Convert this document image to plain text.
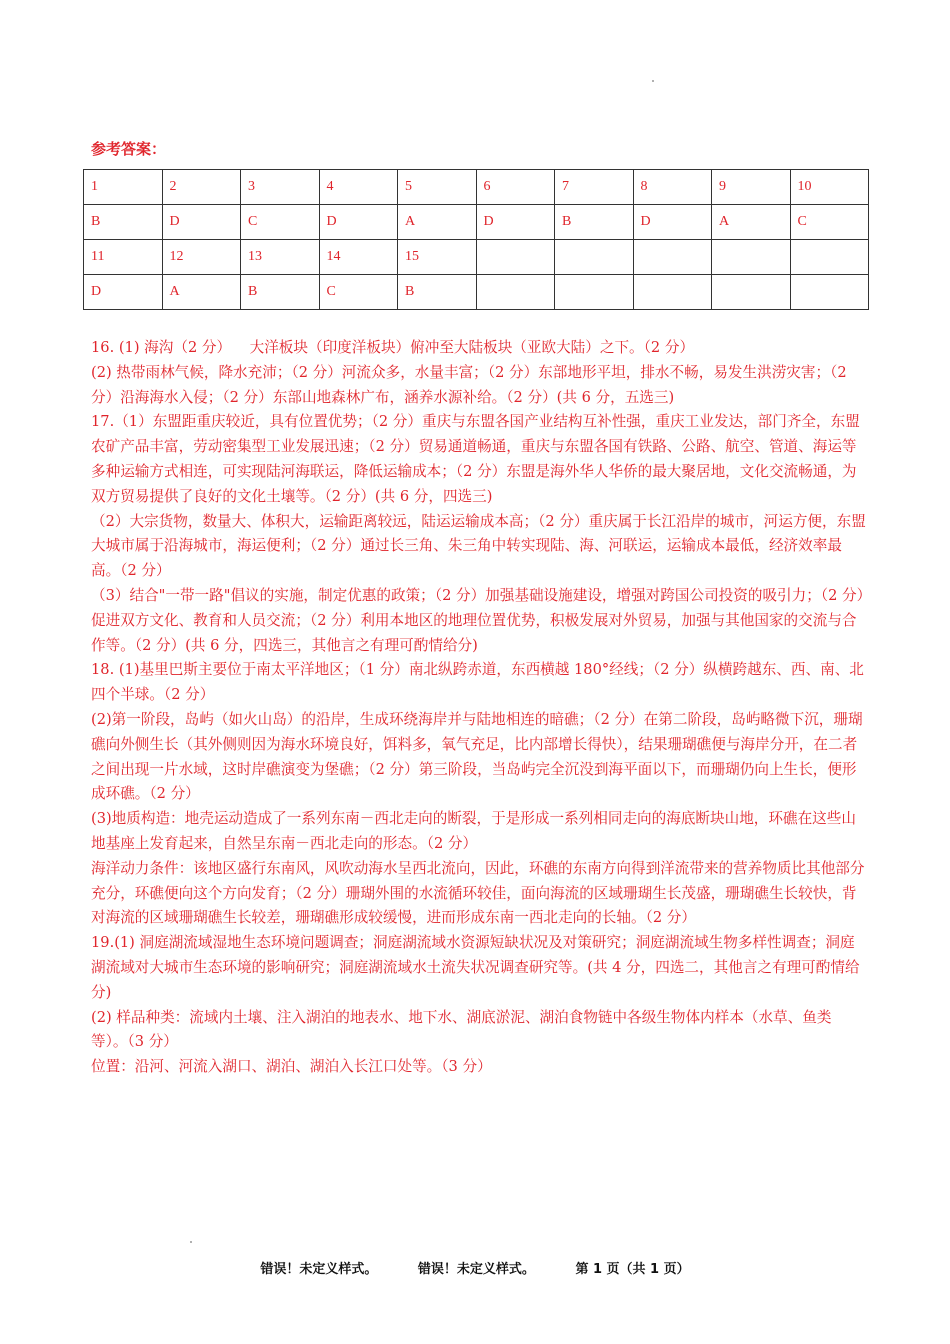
参考答案：
1	2	3	4	5	6	7	8	9	10
B	D	C	D	A	D	B	D	A	C
11	12	13	14	15					
D	A	B	C	B					

16. (1) 海沟（2 分）    大洋板块（印度洋板块）俯冲至大陆板块（亚欧大陆）之下。（2 分）

(2) 热带雨林气候，降水充沛；（2 分）河流众多，水量丰富；（2 分）东部地形平坦，排水不畅，易发生洪涝灾害；（2 分）沿海海水入侵；（2 分）东部山地森林广布，涵养水源补给。（2 分）(共 6 分，五选三)

17.（1）东盟距重庆较近，具有位置优势；（2 分）重庆与东盟各国产业结构互补性强，重庆工业发达，部门齐全，东盟农矿产品丰富，劳动密集型工业发展迅速；（2 分）贸易通道畅通，重庆与东盟各国有铁路、公路、航空、管道、海运等多种运输方式相连，可实现陆河海联运，降低运输成本；（2 分）东盟是海外华人华侨的最大聚居地，文化交流畅通，为双方贸易提供了良好的文化土壤等。（2 分）(共 6 分，四选三)

（2）大宗货物，数量大、体积大，运输距离较远，陆运运输成本高；（2 分）重庆属于长江沿岸的城市，河运方便，东盟大城市属于沿海城市，海运便利；（2 分）通过长三角、朱三角中转实现陆、海、河联运，运输成本最低，经济效率最高。（2 分）

（3）结合"一带一路"倡议的实施，制定优惠的政策；（2 分）加强基础设施建设，增强对跨国公司投资的吸引力；（2 分）促进双方文化、教育和人员交流；（2 分）利用本地区的地理位置优势，积极发展对外贸易，加强与其他国家的交流与合作等。（2 分）(共 6 分，四选三，其他言之有理可酌情给分)

18. (1)基里巴斯主要位于南太平洋地区；（1 分）南北纵跨赤道，东西横越 180°经线；（2 分）纵横跨越东、西、南、北四个半球。（2 分）

(2)第一阶段，岛屿（如火山岛）的沿岸，生成环绕海岸并与陆地相连的暗礁；（2 分）在第二阶段，岛屿略微下沉，珊瑚礁向外侧生长（其外侧则因为海水环境良好，饵料多，氧气充足，比内部增长得快），结果珊瑚礁便与海岸分开，在二者之间出现一片水域，这时岸礁演变为堡礁；（2 分）第三阶段，当岛屿完全沉没到海平面以下，而珊瑚仍向上生长，便形成环礁。（2 分）

(3)地质构造：地壳运动造成了一系列东南－西北走向的断裂，于是形成一系列相同走向的海底断块山地，环礁在这些山地基座上发育起来，自然呈东南－西北走向的形态。（2 分）

海洋动力条件：该地区盛行东南风，风吹动海水呈西北流向，因此，环礁的东南方向得到洋流带来的营养物质比其他部分充分，环礁便向这个方向发育；（2 分）珊瑚外围的水流循环较佳，面向海流的区域珊瑚生长茂盛，珊瑚礁生长较快，背对海流的区域珊瑚礁生长较差，珊瑚礁形成较缓慢，进而形成东南一西北走向的长轴。（2 分）

19.(1) 洞庭湖流域湿地生态环境问题调查；洞庭湖流域水资源短缺状况及对策研究；洞庭湖流域生物多样性调查；洞庭湖流域对大城市生态环境的影响研究；洞庭湖流域水土流失状况调查研究等。(共 4 分，四选二，其他言之有理可酌情给分)

(2) 样品种类：流域内土壤、注入湖泊的地表水、地下水、湖底淤泥、湖泊食物链中各级生物体内样本（水草、鱼类等）。（3 分）

位置：沿河、河流入湖口、湖泊、湖泊入长江口处等。（3 分）

错误！未定义样式。	错误！未定义样式。	第 1 页（共 1 页）
